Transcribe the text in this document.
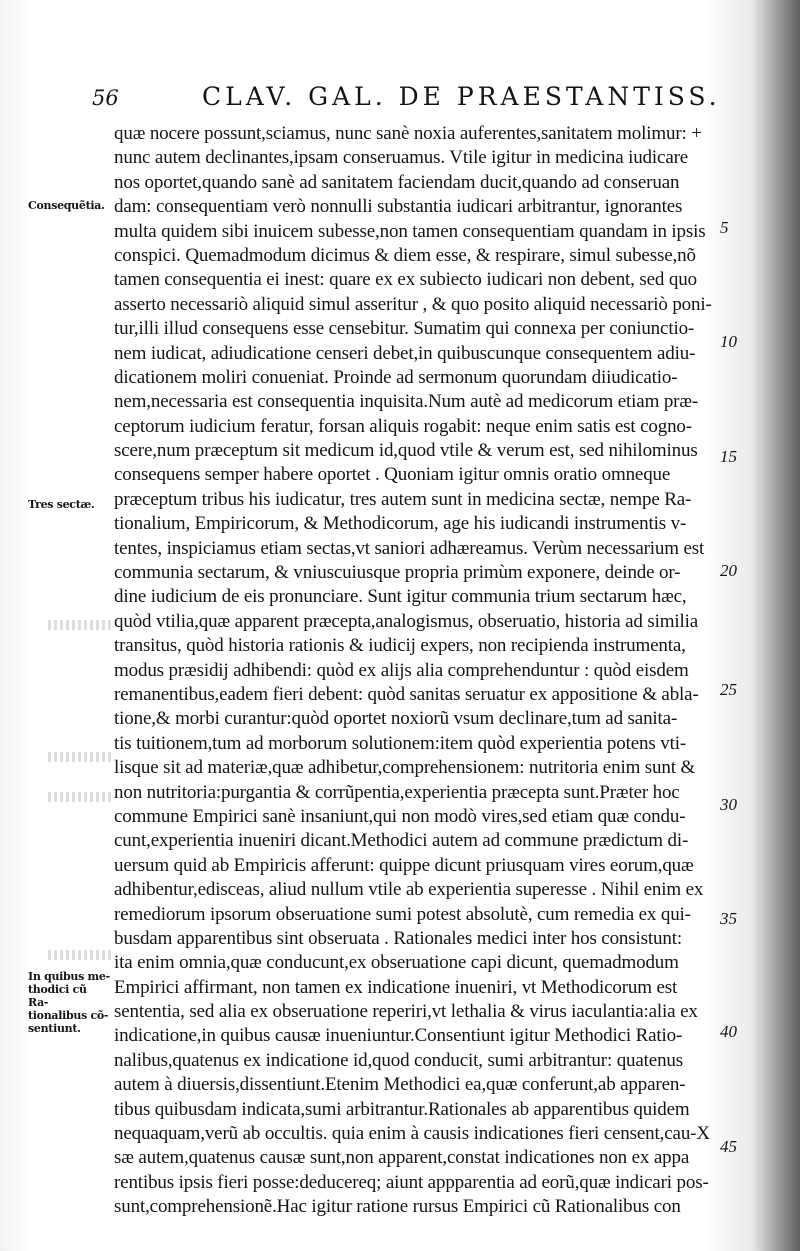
56	CLAV. GAL. DE PRAESTANTISS.
quæ nocere possunt,sciamus, nunc sanè noxia auferentes,sanitatem molimur: +
nunc autem declinantes,ipsam conseruamus. Vtile igitur in medicina iudicare
nos oportet,quando sanè ad sanitatem faciendam ducit,quando ad conseruan
dam: consequentiam verò nonnulli substantia iudicari arbitrantur, ignorantes
multa quidem sibi inuicem subesse,non tamen consequentiam quandam in ipsis
conspici. Quemadmodum dicimus & diem esse, & respirare, simul subesse,nõ
tamen consequentia ei inest: quare ex ex subiecto iudicari non debent, sed quo
asserto necessariò aliquid simul asseritur , & quo posito aliquid necessariò poni-
tur,illi illud consequens esse censebitur. Sumatim qui connexa per coniunctio-
nem iudicat, adiudicatione censeri debet,in quibuscunque consequentem adiu-
dicationem moliri conueniat. Proinde ad sermonum quorundam diiudicatio-
nem,necessaria est consequentia inquisita.Num autè ad medicorum etiam præ-
ceptorum iudicium feratur, forsan aliquis rogabit: neque enim satis est cogno-
scere,num præceptum sit medicum id,quod vtile & verum est, sed nihilominus
consequens semper habere oportet . Quoniam igitur omnis oratio omneque
præceptum tribus his iudicatur, tres autem sunt in medicina sectæ, nempe Ra-
tionalium, Empiricorum, & Methodicorum, age his iudicandi instrumentis v-
tentes, inspiciamus etiam sectas,vt saniori adhæreamus. Verùm necessarium est
communia sectarum, & vniuscuiusque propria primùm exponere, deinde or-
dine iudicium de eis pronunciare. Sunt igitur communia trium sectarum hæc,
quòd vtilia,quæ apparent præcepta,analogismus, obseruatio, historia ad similia
transitus, quòd historia rationis & iudicij expers, non recipienda instrumenta,
modus præsidij adhibendi: quòd ex alijs alia comprehenduntur : quòd eisdem
remanentibus,eadem fieri debent: quòd sanitas seruatur ex appositione & abla-
tione,& morbi curantur:quòd oportet noxiorũ vsum declinare,tum ad sanita-
tis tuitionem,tum ad morborum solutionem:item quòd experientia potens vti-
lisque sit ad materiæ,quæ adhibetur,comprehensionem: nutritoria enim sunt &
non nutritoria:purgantia & corrũpentia,experientia præcepta sunt.Præter hoc
commune Empirici sanè insaniunt,qui non modò vires,sed etiam quæ condu-
cunt,experientia inueniri dicant.Methodici autem ad commune prædictum di-
uersum quid ab Empiricis afferunt: quippe dicunt priusquam vires eorum,quæ
adhibentur,edisceas, aliud nullum vtile ab experientia superesse . Nihil enim ex
remediorum ipsorum obseruatione sumi potest absolutè, cum remedia ex qui-
busdam apparentibus sint obseruata . Rationales medici inter hos consistunt:
ita enim omnia,quæ conducunt,ex obseruatione capi dicunt, quemadmodum
Empirici affirmant, non tamen ex indicatione inueniri, vt Methodicorum est
sententia, sed alia ex obseruatione reperiri,vt lethalia & virus iaculantia:alia ex
indicatione,in quibus causæ inueniuntur.Consentiunt igitur Methodici Ratio-
nalibus,quatenus ex indicatione id,quod conducit, sumi arbitrantur: quatenus
autem à diuersis,dissentiunt.Etenim Methodici ea,quæ conferunt,ab apparen-
tibus quibusdam indicata,sumi arbitrantur.Rationales ab apparentibus quidem
nequaquam,verũ ab occultis. quia enim à causis indicationes fieri censent,cau-X
sæ autem,quatenus causæ sunt,non apparent,constat indicationes non ex appa
rentibus ipsis fieri posse:deducereq; aiunt appparentia ad eorũ,quæ indicari pos-
sunt,comprehensionẽ.Hac igitur ratione rursus Empirici cũ Rationalibus con
Consequẽtia.
Tres sectæ.
In quibus me-
thodici cũ Ra-
tionalibus cõ-
sentiunt.
5
10
15
20
25
30
35
40
45
